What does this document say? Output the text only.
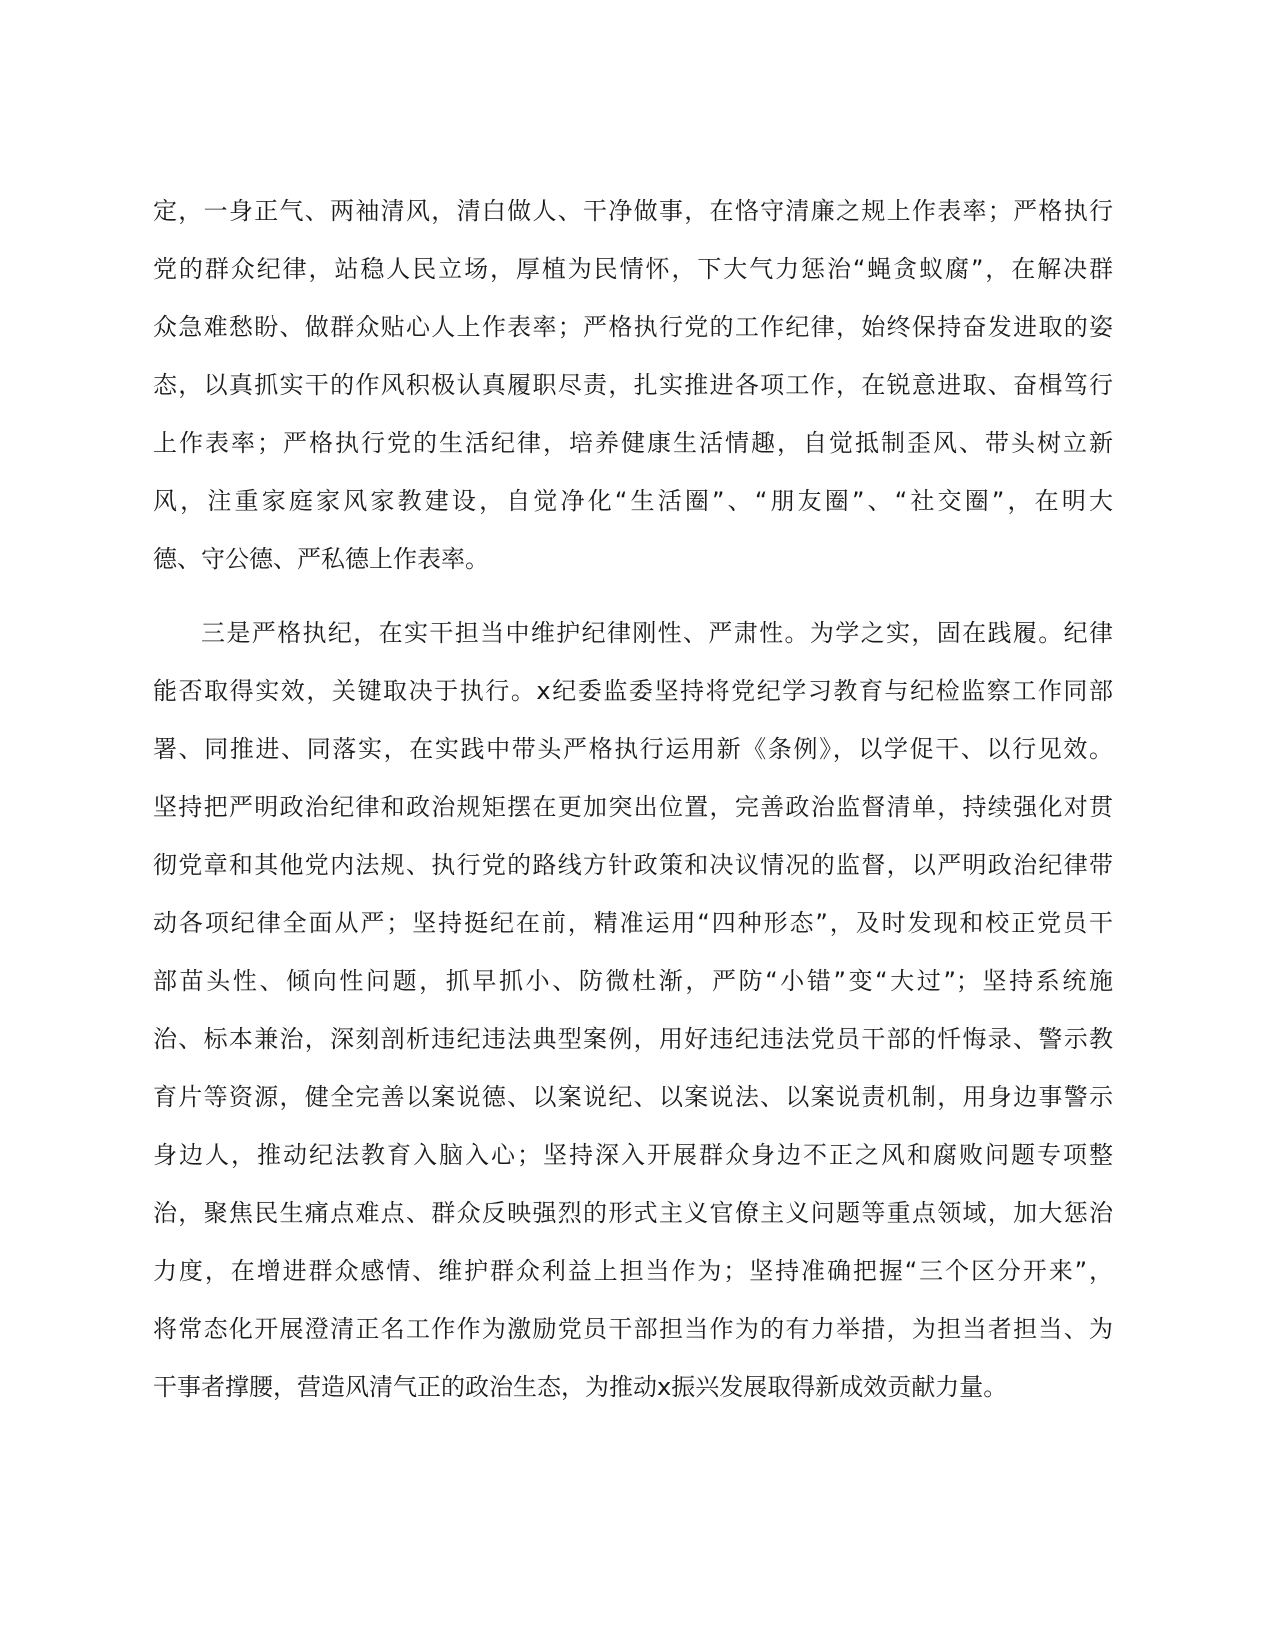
定，一身正气、两袖清风，清白做人、干净做事，在恪守清廉之规上作表率；严格执行
党的群众纪律，站稳人民立场，厚植为民情怀，下大气力惩治“蝇贪蚁腐”，在解决群
众急难愁盼、做群众贴心人上作表率；严格执行党的工作纪律，始终保持奋发进取的姿
态，以真抓实干的作风积极认真履职尽责，扎实推进各项工作，在锐意进取、奋楫笃行
上作表率；严格执行党的生活纪律，培养健康生活情趣，自觉抵制歪风、带头树立新
风，注重家庭家风家教建设，自觉净化“生活圈”、“朋友圈”、“社交圈”，在明大
德、守公德、严私德上作表率。
三是严格执纪，在实干担当中维护纪律刚性、严肃性。为学之实，固在践履。纪律
能否取得实效，关键取决于执行。x纪委监委坚持将党纪学习教育与纪检监察工作同部
署、同推进、同落实，在实践中带头严格执行运用新《条例》，以学促干、以行见效。
坚持把严明政治纪律和政治规矩摆在更加突出位置，完善政治监督清单，持续强化对贯
彻党章和其他党内法规、执行党的路线方针政策和决议情况的监督，以严明政治纪律带
动各项纪律全面从严；坚持挺纪在前，精准运用“四种形态”，及时发现和校正党员干
部苗头性、倾向性问题，抓早抓小、防微杜渐，严防“小错”变“大过”；坚持系统施
治、标本兼治，深刻剖析违纪违法典型案例，用好违纪违法党员干部的忏悔录、警示教
育片等资源，健全完善以案说德、以案说纪、以案说法、以案说责机制，用身边事警示
身边人，推动纪法教育入脑入心；坚持深入开展群众身边不正之风和腐败问题专项整
治，聚焦民生痛点难点、群众反映强烈的形式主义官僚主义问题等重点领域，加大惩治
力度，在增进群众感情、维护群众利益上担当作为；坚持准确把握“三个区分开来”，
将常态化开展澄清正名工作作为激励党员干部担当作为的有力举措，为担当者担当、为
干事者撑腰，营造风清气正的政治生态，为推动x振兴发展取得新成效贡献力量。
